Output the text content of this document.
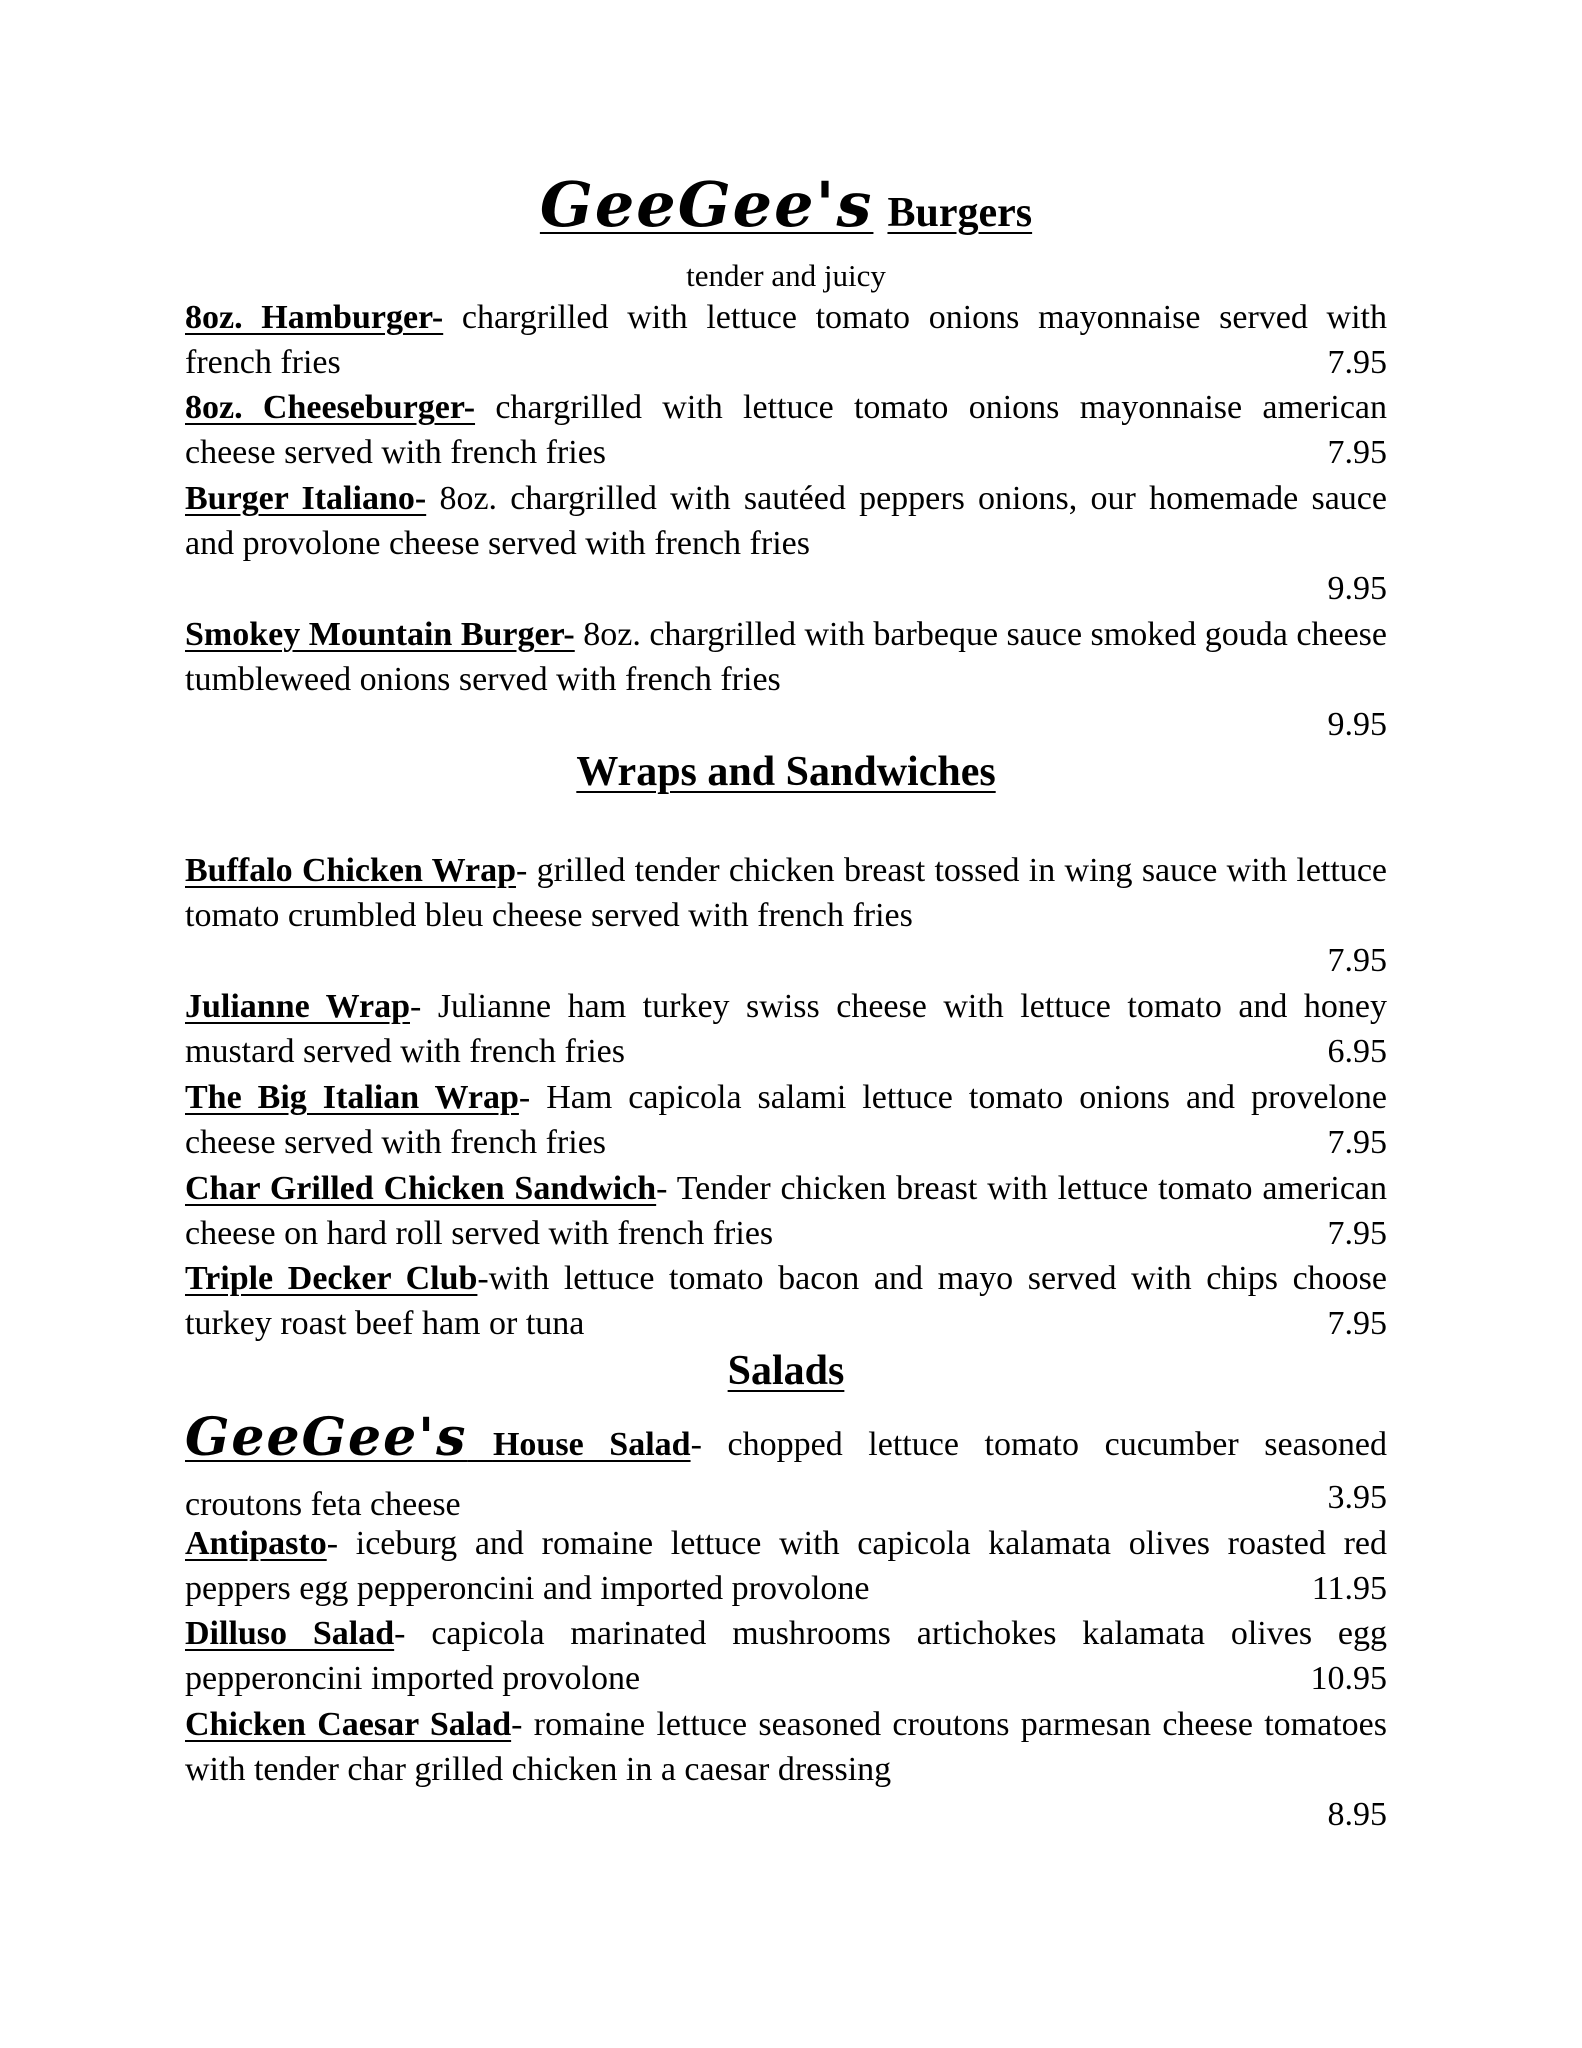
GeeGee's Burgers
tender and juicy
8oz. Hamburger- chargrilled with lettuce tomato onions mayonnaise served with french fries	7.95
8oz. Cheeseburger- chargrilled with lettuce tomato onions mayonnaise american cheese served with french fries	7.95
Burger Italiano- 8oz. chargrilled with sautéed peppers onions, our homemade sauce and provolone cheese served with french fries
9.95
Smokey Mountain Burger- 8oz. chargrilled with barbeque sauce smoked gouda cheese tumbleweed onions served with french fries
9.95
Wraps and Sandwiches
Buffalo Chicken Wrap- grilled tender chicken breast tossed in wing sauce with lettuce tomato crumbled bleu cheese served with french fries
7.95
Julianne Wrap- Julianne ham turkey swiss cheese with lettuce tomato and honey mustard served with french fries	6.95
The Big Italian Wrap- Ham capicola salami lettuce tomato onions and provelone cheese served with french fries	7.95
Char Grilled Chicken Sandwich- Tender chicken breast with lettuce tomato american cheese on hard roll served with french fries	7.95
Triple Decker Club-with lettuce tomato bacon and mayo served with chips choose turkey roast beef ham or tuna	7.95
Salads
GeeGee's House Salad- chopped lettuce tomato cucumber seasoned croutons feta cheese	3.95
Antipasto- iceburg and romaine lettuce with capicola kalamata olives roasted red peppers egg pepperoncini and imported provolone	11.95
Dilluso Salad- capicola marinated mushrooms artichokes kalamata olives egg pepperoncini imported provolone	10.95
Chicken Caesar Salad- romaine lettuce seasoned croutons parmesan cheese tomatoes with tender char grilled chicken in a caesar dressing
8.95
